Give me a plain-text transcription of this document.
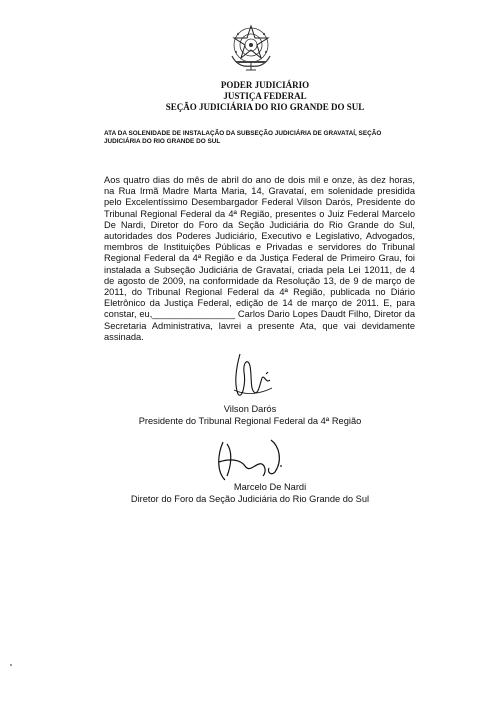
PODER JUDICIÁRIO
JUSTIÇA FEDERAL
SEÇÃO JUDICIÁRIA DO RIO GRANDE DO SUL
ATA DA SOLENIDADE DE INSTALAÇÃO DA SUBSEÇÃO JUDICIÁRIA DE GRAVATAÍ, SEÇÃO JUDICIÁRIA DO RIO GRANDE DO SUL
Aos quatro dias do mês de abril do ano de dois mil e onze, às dez horas, na Rua Irmã Madre Marta Maria, 14, Gravataí, em solenidade presidida pelo Excelentíssimo Desembargador Federal Vilson Darós, Presidente do Tribunal Regional Federal da 4ª Região, presentes o Juiz Federal Marcelo De Nardi, Diretor do Foro da Seção Judiciária do Rio Grande do Sul, autoridades dos Poderes Judiciário, Executivo e Legislativo, Advogados, membros de Instituições Públicas e Privadas e servidores do Tribunal Regional Federal da 4ª Região e da Justiça Federal de Primeiro Grau, foi instalada a Subseção Judiciária de Gravataí, criada pela Lei 12011, de 4 de agosto de 2009, na conformidade da Resolução 13, de 9 de março de 2011, do Tribunal Regional Federal da 4ª Região, publicada no Diário Eletrônico da Justiça Federal, edição de 14 de março de 2011. E, para constar, eu,________________ Carlos Dario Lopes Daudt Filho, Diretor da Secretaria Administrativa, lavrei a presente Ata, que vai devidamente assinada.
Vilson Darós
Presidente do Tribunal Regional Federal da 4ª Região
Marcelo De Nardi
Diretor do Foro da Seção Judiciária do Rio Grande do Sul
